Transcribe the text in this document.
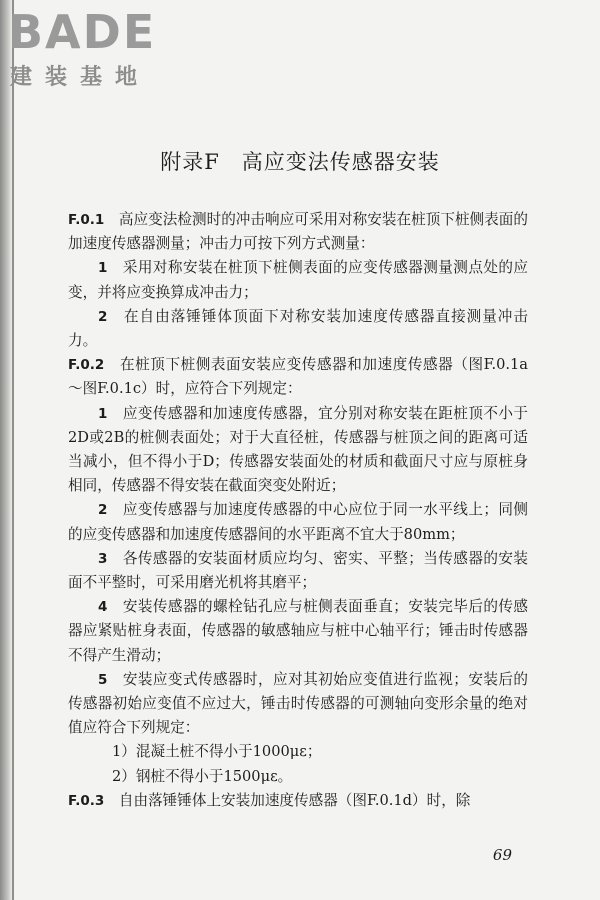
BADE
建装基地
附录F　高应变法传感器安装

F.0.1　 高应变法检测时的冲击响应可采用对称安装在桩顶下桩侧表面的加速度传感器测量；冲击力可按下列方式测量：

1　 采用对称安装在桩顶下桩侧表面的应变传感器测量测点处的应变，并将应变换算成冲击力；

2　 在自由落锤锤体顶面下对称安装加速度传感器直接测量冲击力。

F.0.2　 在桩顶下桩侧表面安装应变传感器和加速度传感器（图F.0.1a～图F.0.1c）时，应符合下列规定：

1　 应变传感器和加速度传感器，宜分别对称安装在距桩顶不小于2D或2B的桩侧表面处；对于大直径桩，传感器与桩顶之间的距离可适当减小，但不得小于D；传感器安装面处的材质和截面尺寸应与原桩身相同，传感器不得安装在截面突变处附近；

2　 应变传感器与加速度传感器的中心应位于同一水平线上；同侧的应变传感器和加速度传感器间的水平距离不宜大于80mm；

3　 各传感器的安装面材质应均匀、密实、平整；当传感器的安装面不平整时，可采用磨光机将其磨平；

4　 安装传感器的螺栓钻孔应与桩侧表面垂直；安装完毕后的传感器应紧贴桩身表面，传感器的敏感轴应与桩中心轴平行；锤击时传感器不得产生滑动；

5　 安装应变式传感器时，应对其初始应变值进行监视；安装后的传感器初始应变值不应过大，锤击时传感器的可测轴向变形余量的绝对值应符合下列规定：

1）混凝土桩不得小于1000με；

2）钢桩不得小于1500με。

F.0.3　 自由落锤锤体上安装加速度传感器（图F.0.1d）时，除

69
